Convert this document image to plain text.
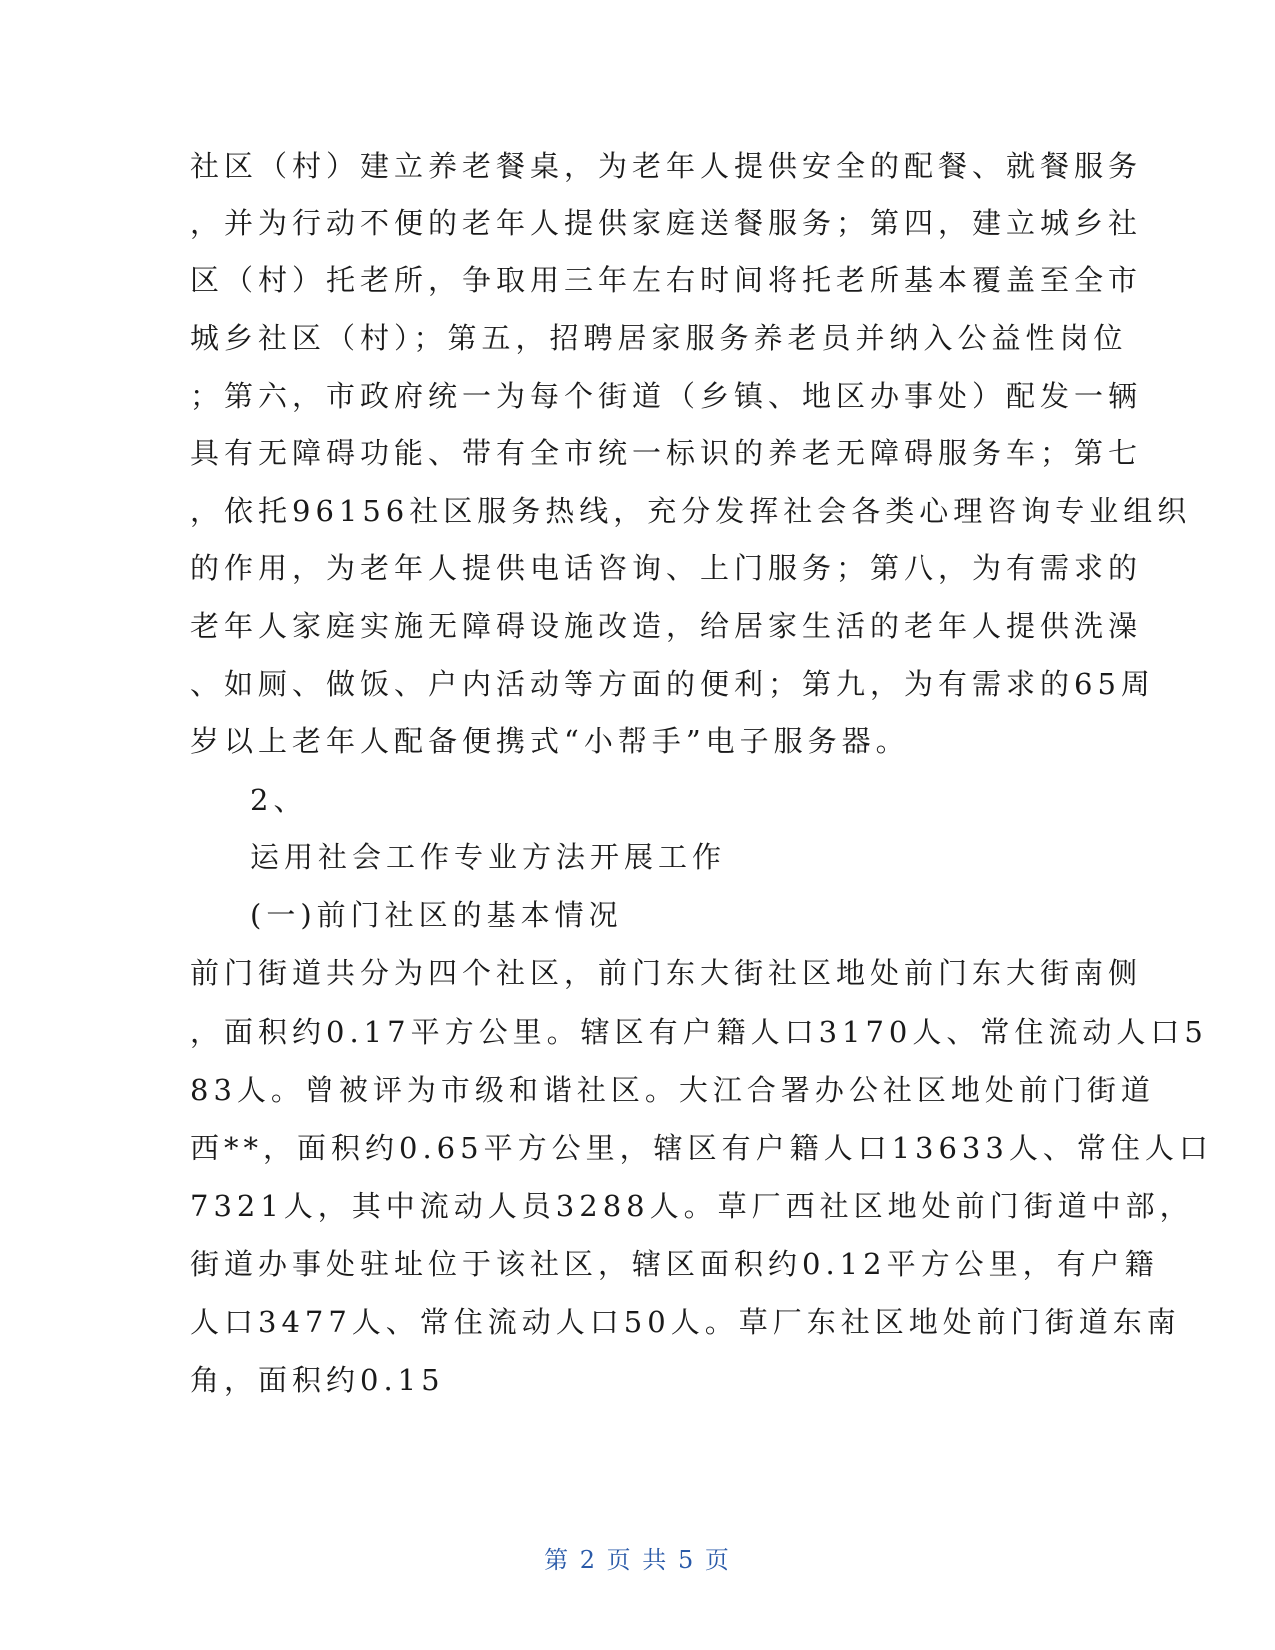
社区（村）建立养老餐桌，为老年人提供安全的配餐、就餐服务
，并为行动不便的老年人提供家庭送餐服务；第四，建立城乡社
区（村）托老所，争取用三年左右时间将托老所基本覆盖至全市
城乡社区（村）；第五，招聘居家服务养老员并纳入公益性岗位
；第六，市政府统一为每个街道（乡镇、地区办事处）配发一辆
具有无障碍功能、带有全市统一标识的养老无障碍服务车；第七
，依托96156社区服务热线，充分发挥社会各类心理咨询专业组织
的作用，为老年人提供电话咨询、上门服务；第八，为有需求的
老年人家庭实施无障碍设施改造，给居家生活的老年人提供洗澡
、如厕、做饭、户内活动等方面的便利；第九，为有需求的65周
岁以上老年人配备便携式“小帮手”电子服务器。
2、
运用社会工作专业方法开展工作
(一)前门社区的基本情况
前门街道共分为四个社区，前门东大街社区地处前门东大街南侧
，面积约0.17平方公里。辖区有户籍人口3170人、常住流动人口5
83人。曾被评为市级和谐社区。大江合署办公社区地处前门街道
西**，面积约0.65平方公里，辖区有户籍人口13633人、常住人口
7321人，其中流动人员3288人。草厂西社区地处前门街道中部，
街道办事处驻址位于该社区，辖区面积约0.12平方公里，有户籍
人口3477人、常住流动人口50人。草厂东社区地处前门街道东南
角，面积约0.15
第 2 页 共 5 页
